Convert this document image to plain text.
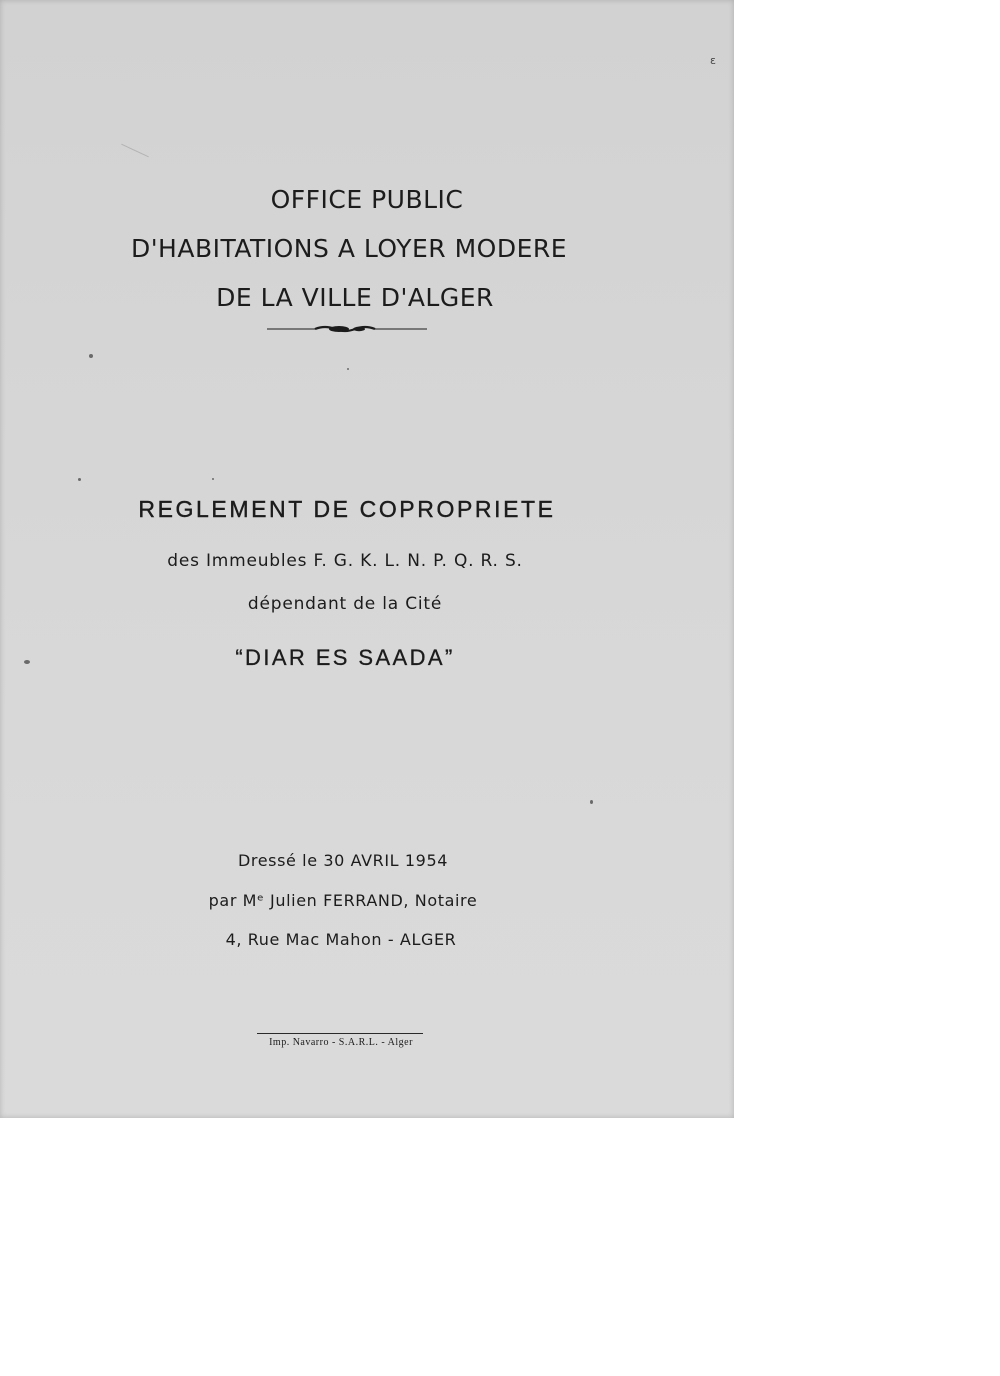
ε
OFFICE PUBLIC
D'HABITATIONS A LOYER MODERE
DE LA VILLE D'ALGER
REGLEMENT DE COPROPRIETE
des Immeubles F. G. K. L. N. P. Q. R. S.
dépendant de la Cité
“DIAR ES SAADA”
Dressé le 30 AVRIL 1954
par Mᵉ Julien FERRAND, Notaire
4, Rue Mac Mahon - ALGER
Imp. Navarro - S.A.R.L. - Alger
